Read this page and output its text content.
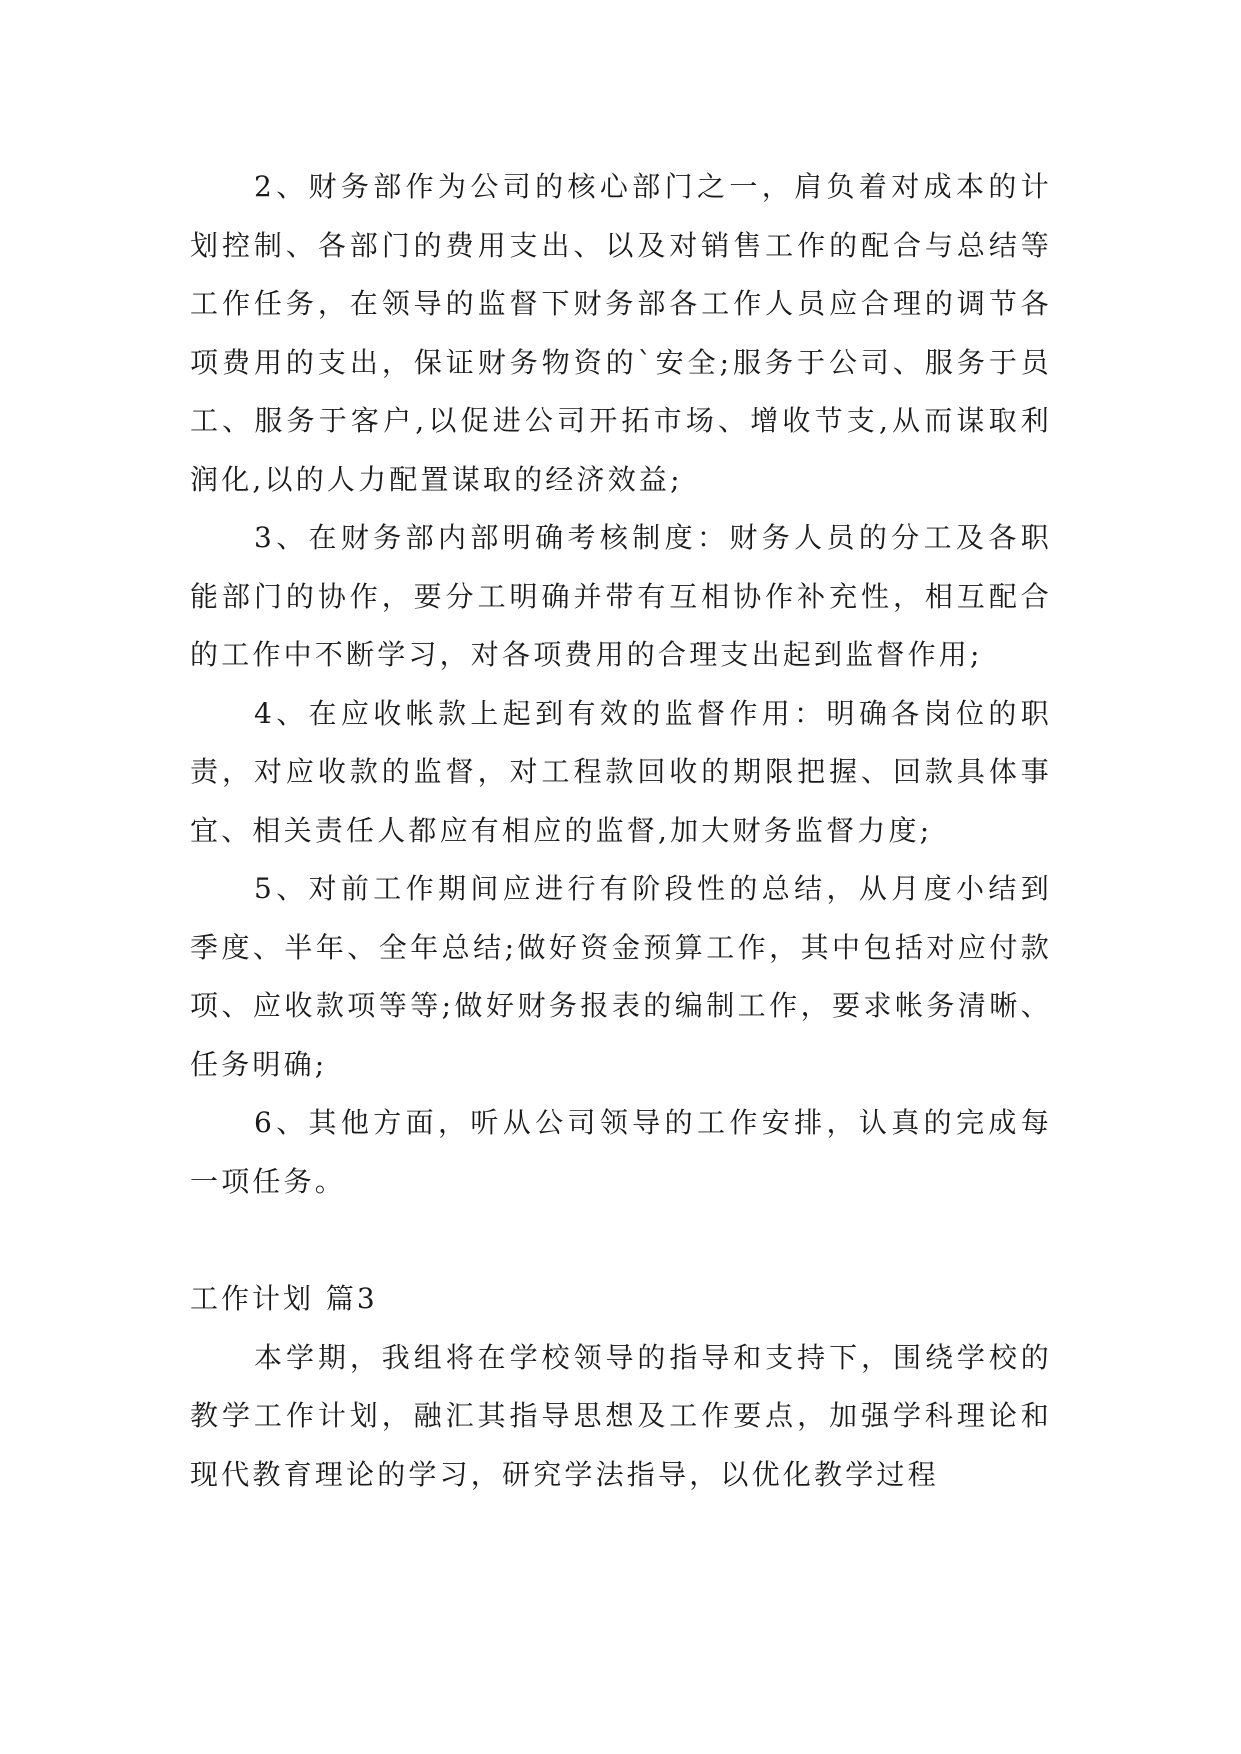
2、财务部作为公司的核心部门之一，肩负着对成本的计划控制、各部门的费用支出、以及对销售工作的配合与总结等工作任务，在领导的监督下财务部各工作人员应合理的调节各项费用的支出，保证财务物资的`安全;服务于公司、服务于员工、服务于客户,以促进公司开拓市场、增收节支,从而谋取利润化,以的人力配置谋取的经济效益;

3、在财务部内部明确考核制度：财务人员的分工及各职能部门的协作，要分工明确并带有互相协作补充性，相互配合的工作中不断学习，对各项费用的合理支出起到监督作用;

4、在应收帐款上起到有效的监督作用：明确各岗位的职责，对应收款的监督，对工程款回收的期限把握、回款具体事宜、相关责任人都应有相应的监督,加大财务监督力度;

5、对前工作期间应进行有阶段性的总结，从月度小结到季度、半年、全年总结;做好资金预算工作，其中包括对应付款项、应收款项等等;做好财务报表的编制工作，要求帐务清晰、任务明确;

6、其他方面，听从公司领导的工作安排，认真的完成每一项任务。

工作计划 篇3

本学期，我组将在学校领导的指导和支持下，围绕学校的教学工作计划，融汇其指导思想及工作要点，加强学科理论和现代教育理论的学习，研究学法指导，以优化教学过程
